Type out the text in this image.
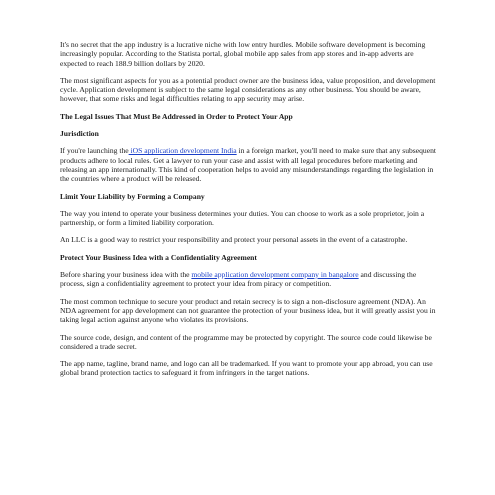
It's no secret that the app industry is a lucrative niche with low entry hurdles. Mobile software development is becoming increasingly popular. According to the Statista portal, global mobile app sales from app stores and in-app adverts are expected to reach 188.9 billion dollars by 2020.

The most significant aspects for you as a potential product owner are the business idea, value proposition, and development cycle. Application development is subject to the same legal considerations as any other business. You should be aware, however, that some risks and legal difficulties relating to app security may arise.

The Legal Issues That Must Be Addressed in Order to Protect Your App
Jurisdiction

If you're launching the iOS application development India in a foreign market, you'll need to make sure that any subsequent products adhere to local rules. Get a lawyer to run your case and assist with all legal procedures before marketing and releasing an app internationally. This kind of cooperation helps to avoid any misunderstandings regarding the legislation in the countries where a product will be released.

Limit Your Liability by Forming a Company

The way you intend to operate your business determines your duties. You can choose to work as a sole proprietor, join a partnership, or form a limited liability corporation.

An LLC is a good way to restrict your responsibility and protect your personal assets in the event of a catastrophe.

Protect Your Business Idea with a Confidentiality Agreement

Before sharing your business idea with the mobile application development company in bangalore and discussing the process, sign a confidentiality agreement to protect your idea from piracy or competition.

The most common technique to secure your product and retain secrecy is to sign a non-disclosure agreement (NDA). An NDA agreement for app development can not guarantee the protection of your business idea, but it will greatly assist you in taking legal action against anyone who violates its provisions.

The source code, design, and content of the programme may be protected by copyright. The source code could likewise be considered a trade secret.

The app name, tagline, brand name, and logo can all be trademarked. If you want to promote your app abroad, you can use global brand protection tactics to safeguard it from infringers in the target nations.
